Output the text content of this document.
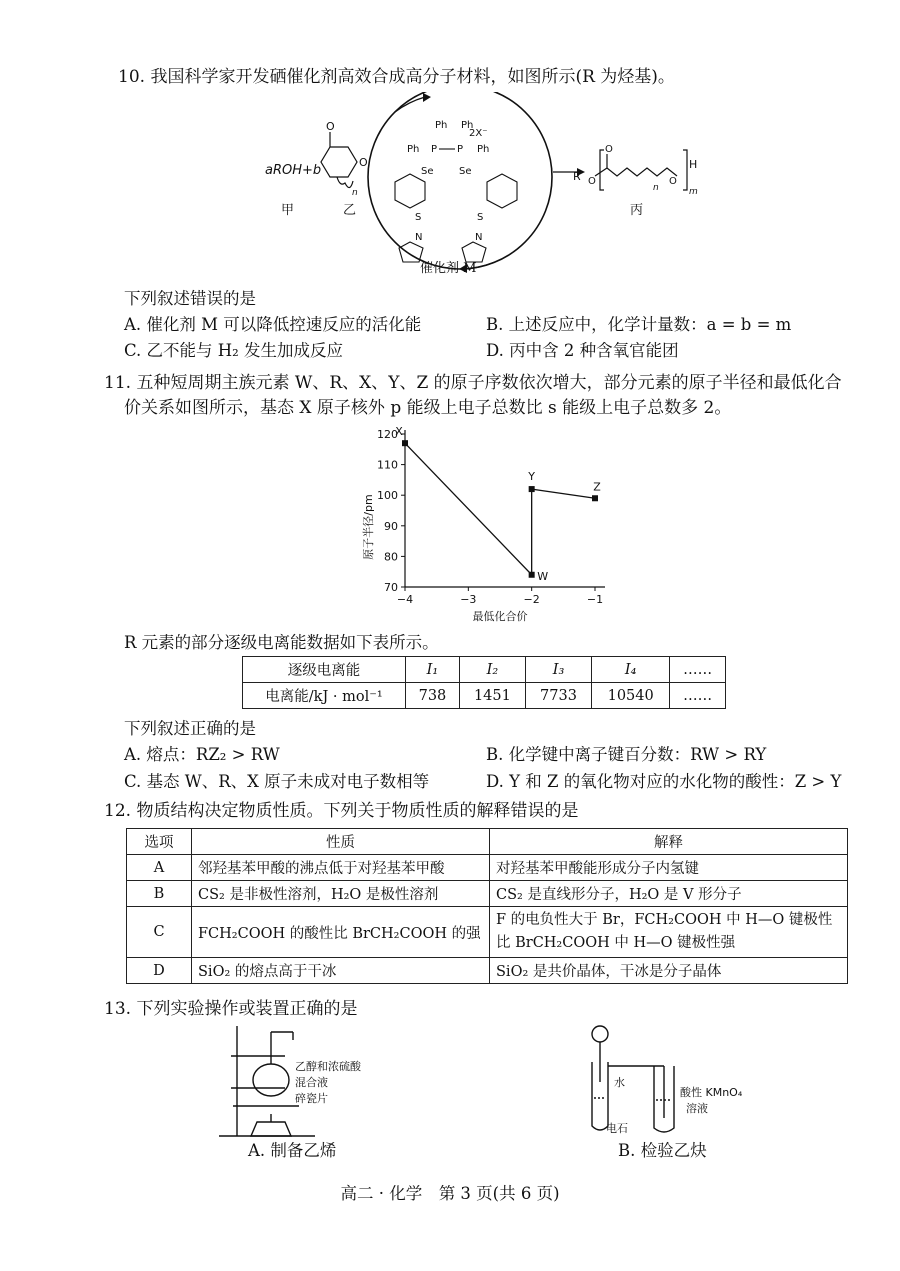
10. 我国科学家开发硒催化剂高效合成高分子材料，如图所示(R 为烃基)。
aROH+b
O
O
n
甲	乙
Ph Ph
Ph P P Ph
2X⁻
Se	Se
S	S
N	N
R O
O
O
n
H
m
丙
催化剂 M
下列叙述错误的是
A. 催化剂 M 可以降低控速反应的活化能	B. 上述反应中，化学计量数：a = b = m
C. 乙不能与 H₂ 发生加成反应	D. 丙中含 2 种含氧官能团
11. 五种短周期主族元素 W、R、X、Y、Z 的原子序数依次增大，部分元素的原子半径和最低化合
价关系如图所示，基态 X 原子核外 p 能级上电子总数比 s 能级上电子总数多 2。
原子半径/pm
最低化合价
70
80
90
100
110
120
−4	−3	−2	−1
X
W
Y
Z
R 元素的部分逐级电离能数据如下表所示。
逐级电离能	I₁	I₂	I₃	I₄	……
电离能/kJ · mol⁻¹	738	1451	7733	10540	……
下列叙述正确的是
A. 熔点：RZ₂ > RW	B. 化学键中离子键百分数：RW > RY
C. 基态 W、R、X 原子未成对电子数相等	D. Y 和 Z 的氧化物对应的水化物的酸性：Z > Y
12. 物质结构决定物质性质。下列关于物质性质的解释错误的是
选项	性质	解释
A	邻羟基苯甲酸的沸点低于对羟基苯甲酸	对羟基苯甲酸能形成分子内氢键
B	CS₂ 是非极性溶剂，H₂O 是极性溶剂	CS₂ 是直线形分子，H₂O 是 V 形分子
C	FCH₂COOH 的酸性比 BrCH₂COOH 的强	F 的电负性大于 Br，FCH₂COOH 中 H—O 键极性
比 BrCH₂COOH 中 H—O 键极性强

D	SiO₂ 的熔点高于干冰	SiO₂ 是共价晶体，干冰是分子晶体
13. 下列实验操作或装置正确的是
乙醇和浓硫酸
混合液
碎瓷片
A. 制备乙烯
水
酸性 KMnO₄
溶液
电石
B. 检验乙炔
高二 · 化学　第 3 页(共 6 页)
